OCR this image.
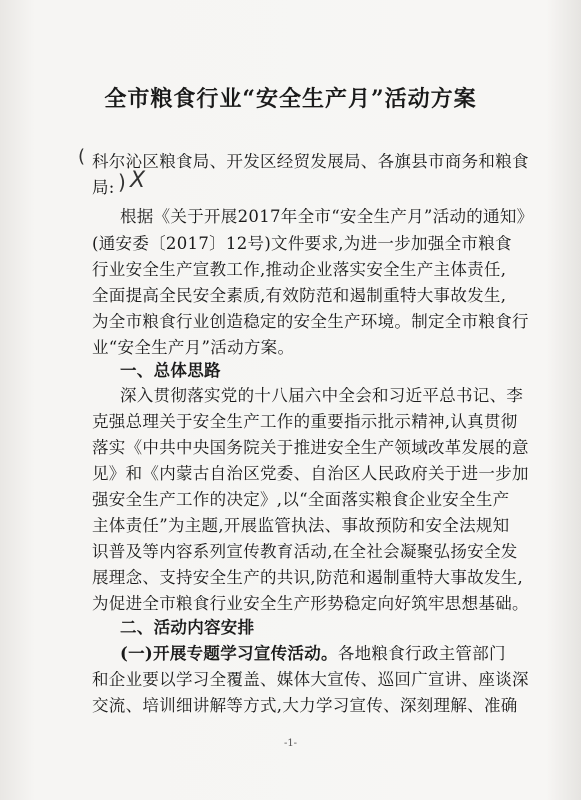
全市粮食行业“安全生产月”活动方案
( 科尔沁区粮食局、开发区经贸发展局、各旗县市商务和粮食
局: ) X
根据《关于开展2017年全市“安全生产月”活动的通知》
(通安委〔2017〕12号)文件要求,为进一步加强全市粮食
行业安全生产宣教工作,推动企业落实安全生产主体责任,
全面提高全民安全素质,有效防范和遏制重特大事故发生,
为全市粮食行业创造稳定的安全生产环境。制定全市粮食行
业“安全生产月”活动方案。
一、总体思路
深入贯彻落实党的十八届六中全会和习近平总书记、李
克强总理关于安全生产工作的重要指示批示精神,认真贯彻
落实《中共中央国务院关于推进安全生产领域改革发展的意
见》和《内蒙古自治区党委、自治区人民政府关于进一步加
强安全生产工作的决定》,以“全面落实粮食企业安全生产
主体责任”为主题,开展监管执法、事故预防和安全法规知
识普及等内容系列宣传教育活动,在全社会凝聚弘扬安全发
展理念、支持安全生产的共识,防范和遏制重特大事故发生,
为促进全市粮食行业安全生产形势稳定向好筑牢思想基础。
二、活动内容安排
(一)开展专题学习宣传活动。各地粮食行政主管部门
和企业要以学习全覆盖、媒体大宣传、巡回广宣讲、座谈深
交流、培训细讲解等方式,大力学习宣传、深刻理解、准确
-1-
